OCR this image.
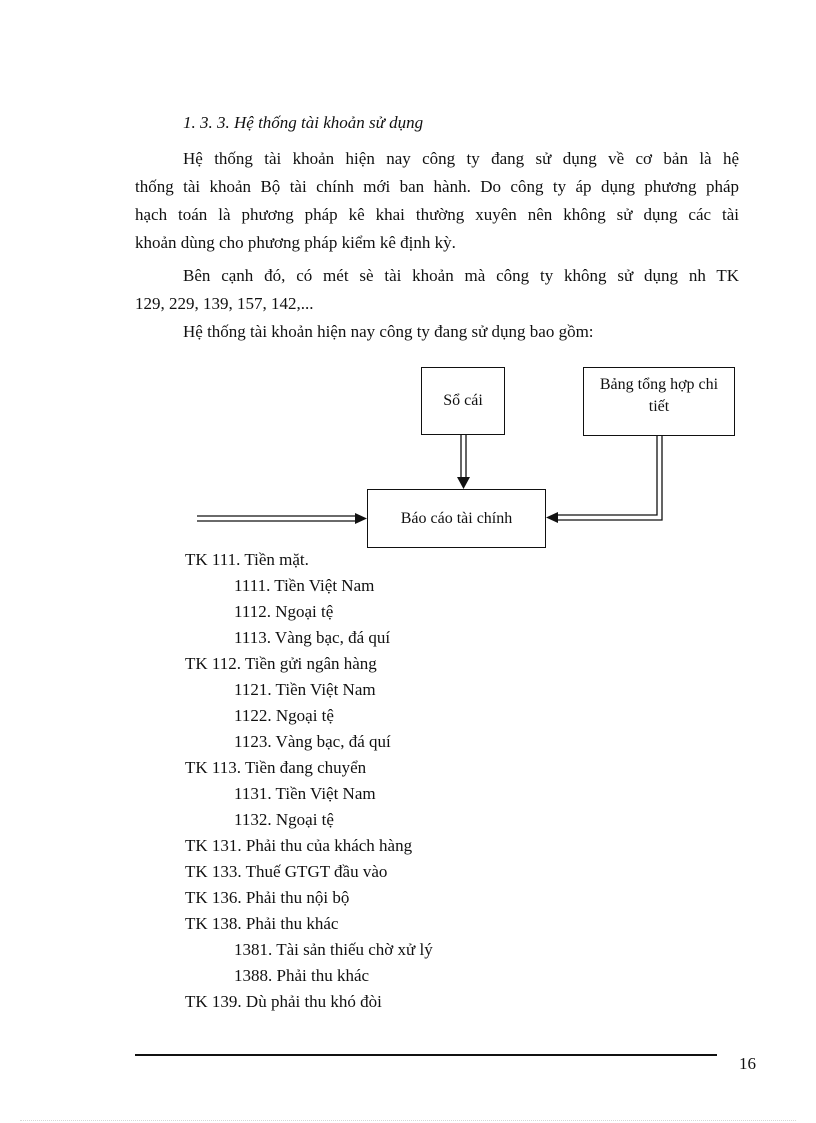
1. 3. 3. Hệ thống tài khoản sử dụng
Hệ thống tài khoản hiện nay công ty đang sử dụng về cơ bản là hệ
thống tài khoản Bộ tài chính mới ban hành. Do công ty áp dụng phương pháp
hạch toán là phương pháp kê khai thường xuyên nên không sử dụng các tài
khoản dùng cho phương pháp kiểm kê định kỳ.
Bên cạnh đó, có mét sè tài khoản mà công ty không sử dụng nh TK
129, 229, 139, 157, 142,...
Hệ thống tài khoản hiện nay công ty đang sử dụng bao gồm:
Sổ cái
Bảng tổng hợp chi tiết
Báo cáo tài chính
TK 111. Tiền mặt.
1111. Tiền Việt Nam
1112. Ngoại tệ
1113. Vàng bạc, đá quí
TK 112. Tiền gửi ngân hàng
1121. Tiền Việt Nam
1122. Ngoại tệ
1123. Vàng bạc, đá quí
TK 113. Tiền đang chuyển
1131. Tiền Việt Nam
1132. Ngoại tệ
TK 131. Phải thu của khách hàng
TK 133. Thuế GTGT đầu vào
TK 136. Phải thu nội bộ
TK 138. Phải thu khác
1381. Tài sản thiếu chờ xử lý
1388. Phải thu khác
TK 139. Dù phải thu khó đòi
16
